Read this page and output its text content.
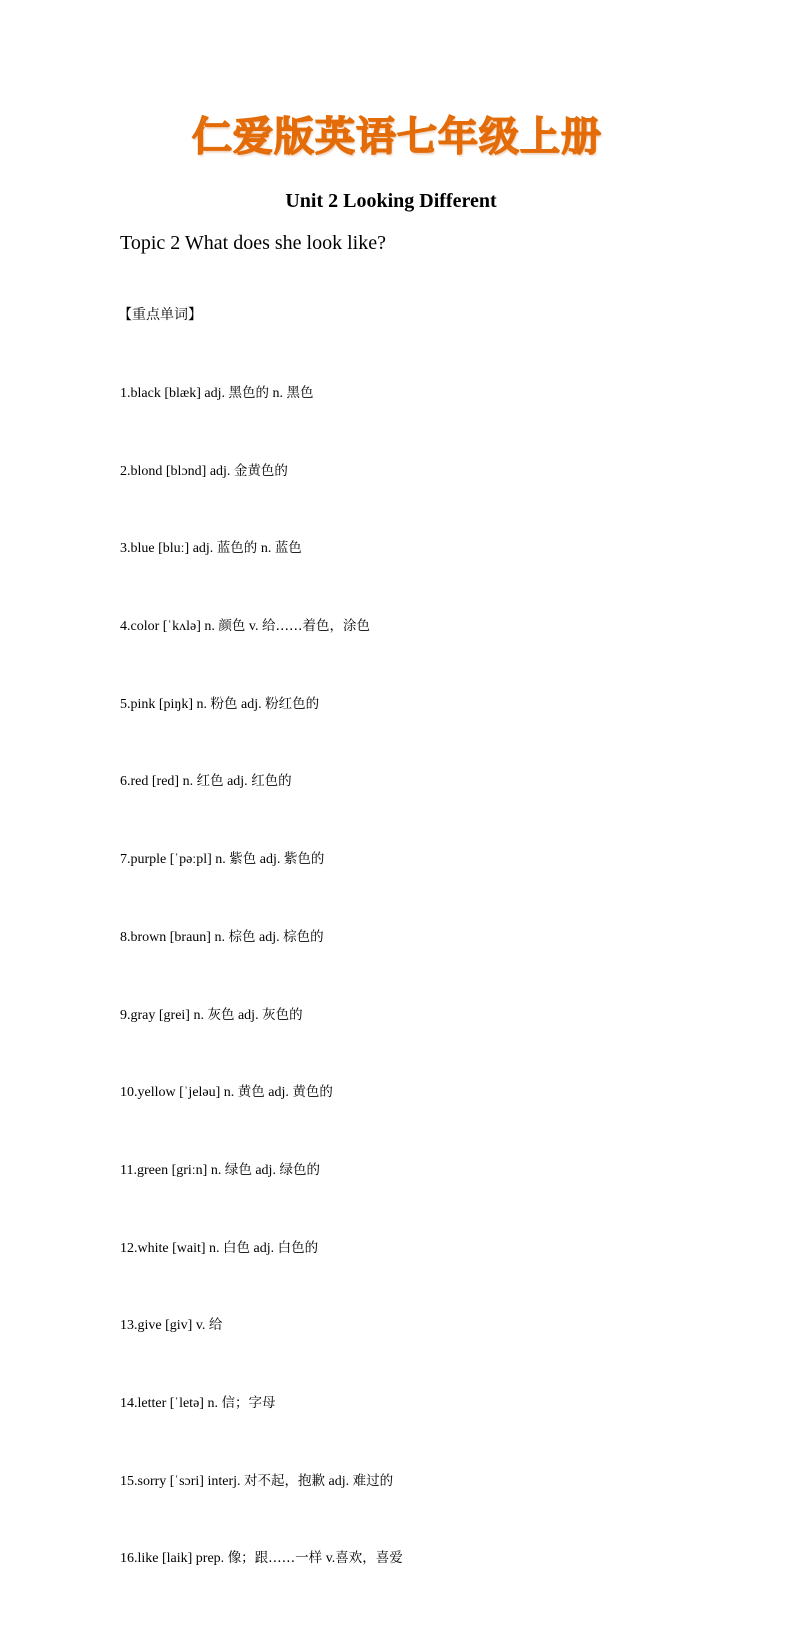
仁爱版英语七年级上册
Unit 2 Looking Different
Topic 2 What does she look like?
【重点单词】

1.black [blæk] adj. 黑色的 n. 黑色

2.blond [blɔnd] adj. 金黄色的

3.blue [bluː] adj. 蓝色的 n. 蓝色

4.color [ˈkʌlə] n. 颜色 v. 给……着色，涂色

5.pink [piŋk] n. 粉色 adj. 粉红色的

6.red [red] n. 红色 adj. 红色的

7.purple [ˈpəːpl] n. 紫色 adj. 紫色的

8.brown [braun] n. 棕色 adj. 棕色的

9.gray [grei] n. 灰色 adj. 灰色的

10.yellow [ˈjeləu] n. 黄色 adj. 黄色的

11.green [griːn] n. 绿色 adj. 绿色的

12.white [wait] n. 白色 adj. 白色的

13.give [giv] v. 给

14.letter [ˈletə] n. 信；字母

15.sorry [ˈsɔri] interj. 对不起，抱歉 adj. 难过的

16.like [laik] prep. 像；跟……一样 v.喜欢，喜爱
